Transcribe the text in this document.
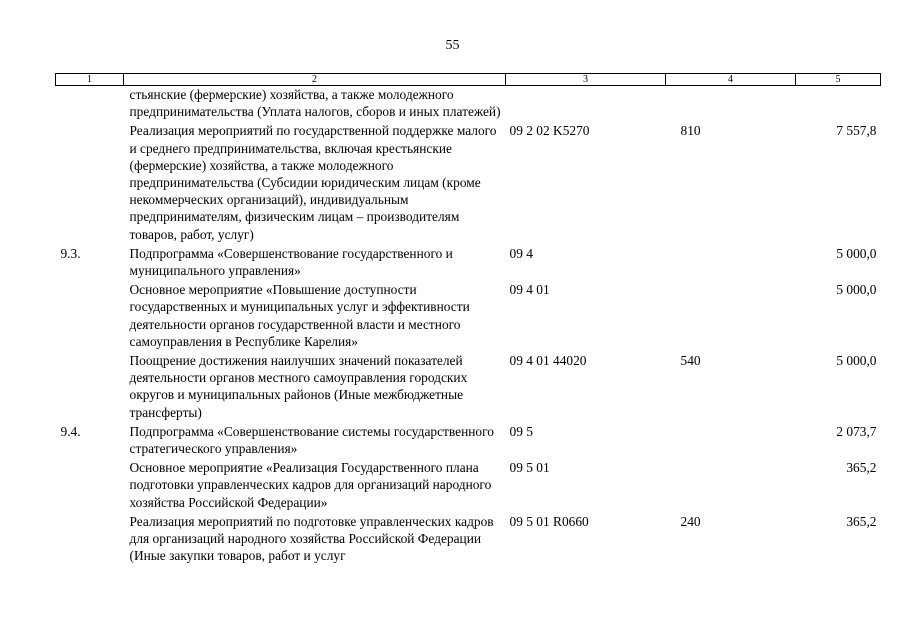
55
1	2	3	4	5
	стьянские (фермерские) хозяйства, а также молодежного предпринимательства (Уплата налогов, сборов и иных платежей)			
	Реализация мероприятий по государственной поддержке малого и среднего предпринимательства, включая крестьянские (фермерские) хозяйства, а также молодежного предпринимательства (Субсидии юридическим лицам (кроме некоммерческих организаций), индивидуальным предпринимателям, физическим лицам – производителям товаров, работ, услуг)	09 2 02 K5270	810	7 557,8
9.3.	Подпрограмма «Совершенствование государственного и муниципального управления»	09 4		5 000,0
	Основное мероприятие «Повышение доступности государственных и муниципальных услуг и эффективности деятельности органов государственной власти и местного самоуправления в Республике Карелия»	09 4 01		5 000,0
	Поощрение достижения наилучших значений показателей деятельности органов местного самоуправления городских округов и муниципальных районов (Иные межбюджетные трансферты)	09 4 01 44020	540	5 000,0
9.4.	Подпрограмма «Совершенствование системы государственного стратегического управления»	09 5		2 073,7
	Основное мероприятие «Реализация Государственного плана подготовки управленческих кадров для организаций народного хозяйства Российской Федерации»	09 5 01		365,2
	Реализация мероприятий по подготовке управленческих кадров для организаций народного хозяйства Российской Федерации (Иные закупки товаров, работ и услуг	09 5 01 R0660	240	365,2
